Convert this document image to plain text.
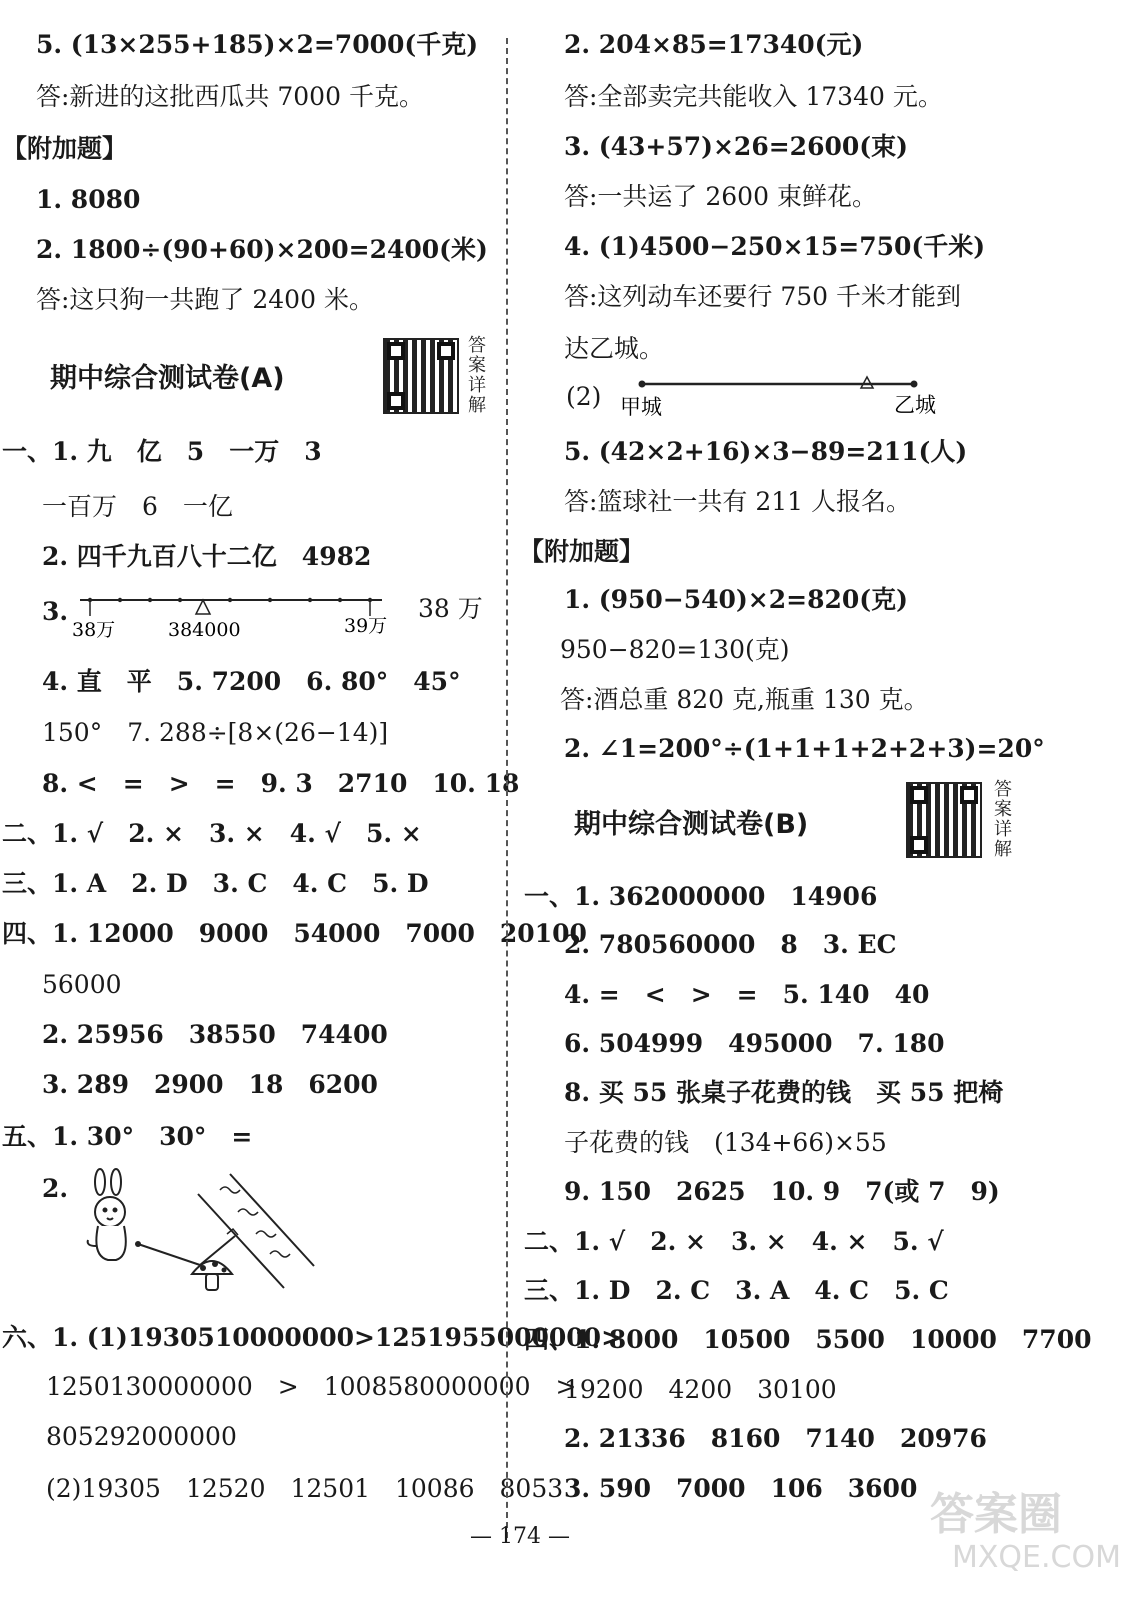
5. (13×255+185)×2=7000(千克)
答:新进的这批西瓜共 7000 千克。
【附加题】
1. 8080
2. 1800÷(90+60)×200=2400(米)
答:这只狗一共跑了 2400 米。
期中综合测试卷(A)
答案详解
一、1. 九　亿　5　一万　3
一百万　6　一亿
2. 四千九百八十二亿　4982
3.
38万	384000	39万
38 万
4. 直　平　5. 7200　6. 80°　45°
150°　7. 288÷[8×(26−14)]
8. <　=　>　=　9. 3　2710　10. 18
二、1. √　2. ×　3. ×　4. √　5. ×
三、1. A　2. D　3. C　4. C　5. D
四、1. 12000　9000　54000　7000　20100
56000
2. 25956　38550　74400
3. 289　2900　18　6200
五、1. 30°　30°　=
2.
六、1. (1)1930510000000>1251955000000>
1250130000000　>　1008580000000　>
805292000000
(2)19305　12520　12501　10086　8053
2. 204×85=17340(元)
答:全部卖完共能收入 17340 元。
3. (43+57)×26=2600(束)
答:一共运了 2600 束鲜花。
4. (1)4500−250×15=750(千米)
答:这列动车还要行 750 千米才能到
达乙城。
(2) 甲城	乙城
5. (42×2+16)×3−89=211(人)
答:篮球社一共有 211 人报名。
【附加题】
1. (950−540)×2=820(克)
950−820=130(克)
答:酒总重 820 克,瓶重 130 克。
2. ∠1=200°÷(1+1+1+2+2+3)=20°
期中综合测试卷(B)
答案详解
一、1. 362000000　14906
2. 780560000　8　3. EC
4. =　<　>　=　5. 140　40
6. 504999　495000　7. 180
8. 买 55 张桌子花费的钱　买 55 把椅
子花费的钱　(134+66)×55
9. 150　2625　10. 9　7(或 7　9)
二、1. √　2. ×　3. ×　4. ×　5. √
三、1. D　2. C　3. A　4. C　5. C
四、1. 8000　10500　5500　10000　7700
19200　4200　30100
2. 21336　8160　7140　20976
3. 590　7000　106　3600
— 174 —	答案圈
MXQE.COM
